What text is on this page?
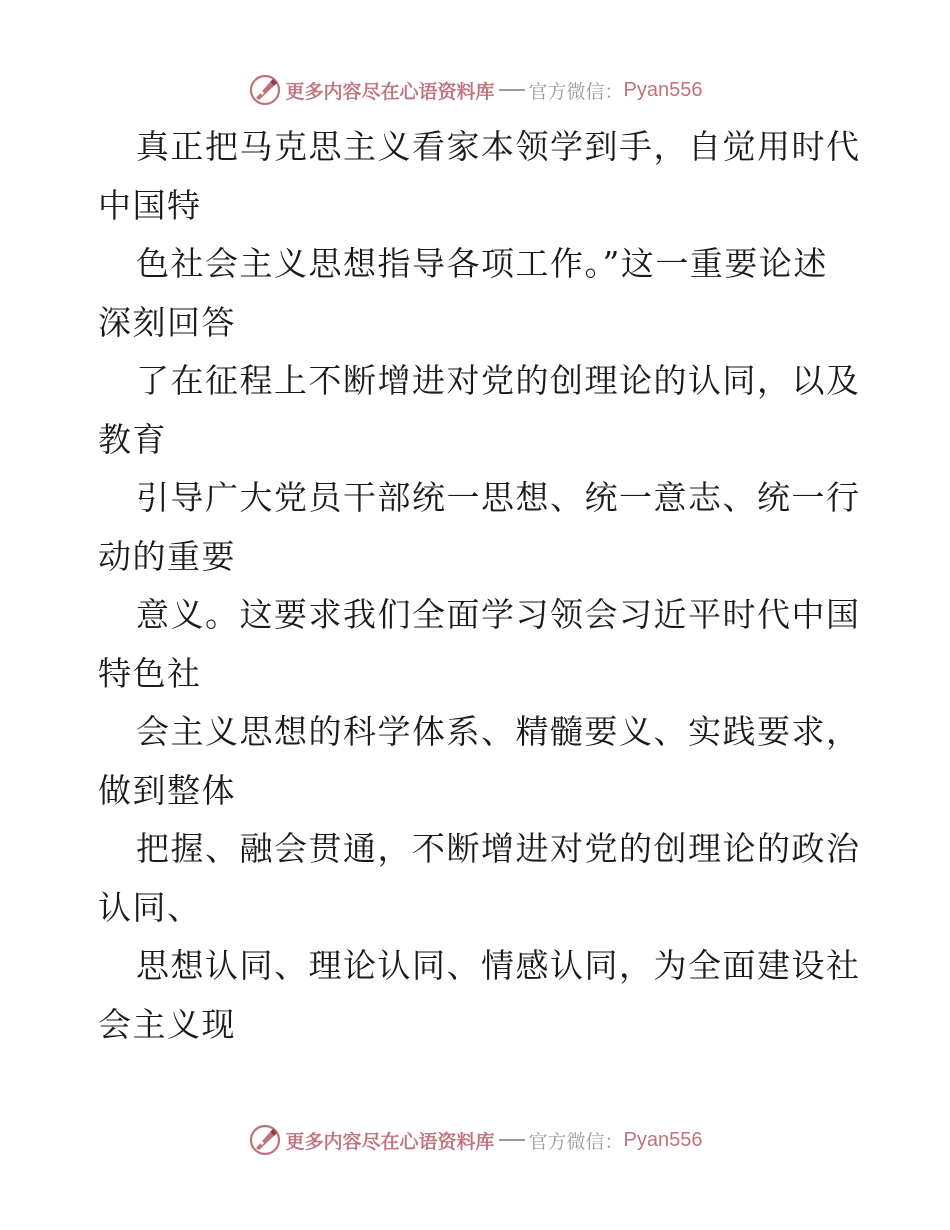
更多内容尽在心语资料库 官方微信： Pyan556
真正把马克思主义看家本领学到手，自觉用时代
中国特
色社会主义思想指导各项工作。”这一重要论述
深刻回答
了在征程上不断增进对党的创理论的认同，以及
教育
引导广大党员干部统一思想、统一意志、统一行
动的重要
意义。这要求我们全面学习领会习近平时代中国
特色社
会主义思想的科学体系、精髓要义、实践要求，
做到整体
把握、融会贯通，不断增进对党的创理论的政治
认同、
思想认同、理论认同、情感认同，为全面建设社
会主义现
更多内容尽在心语资料库 官方微信： Pyan556
